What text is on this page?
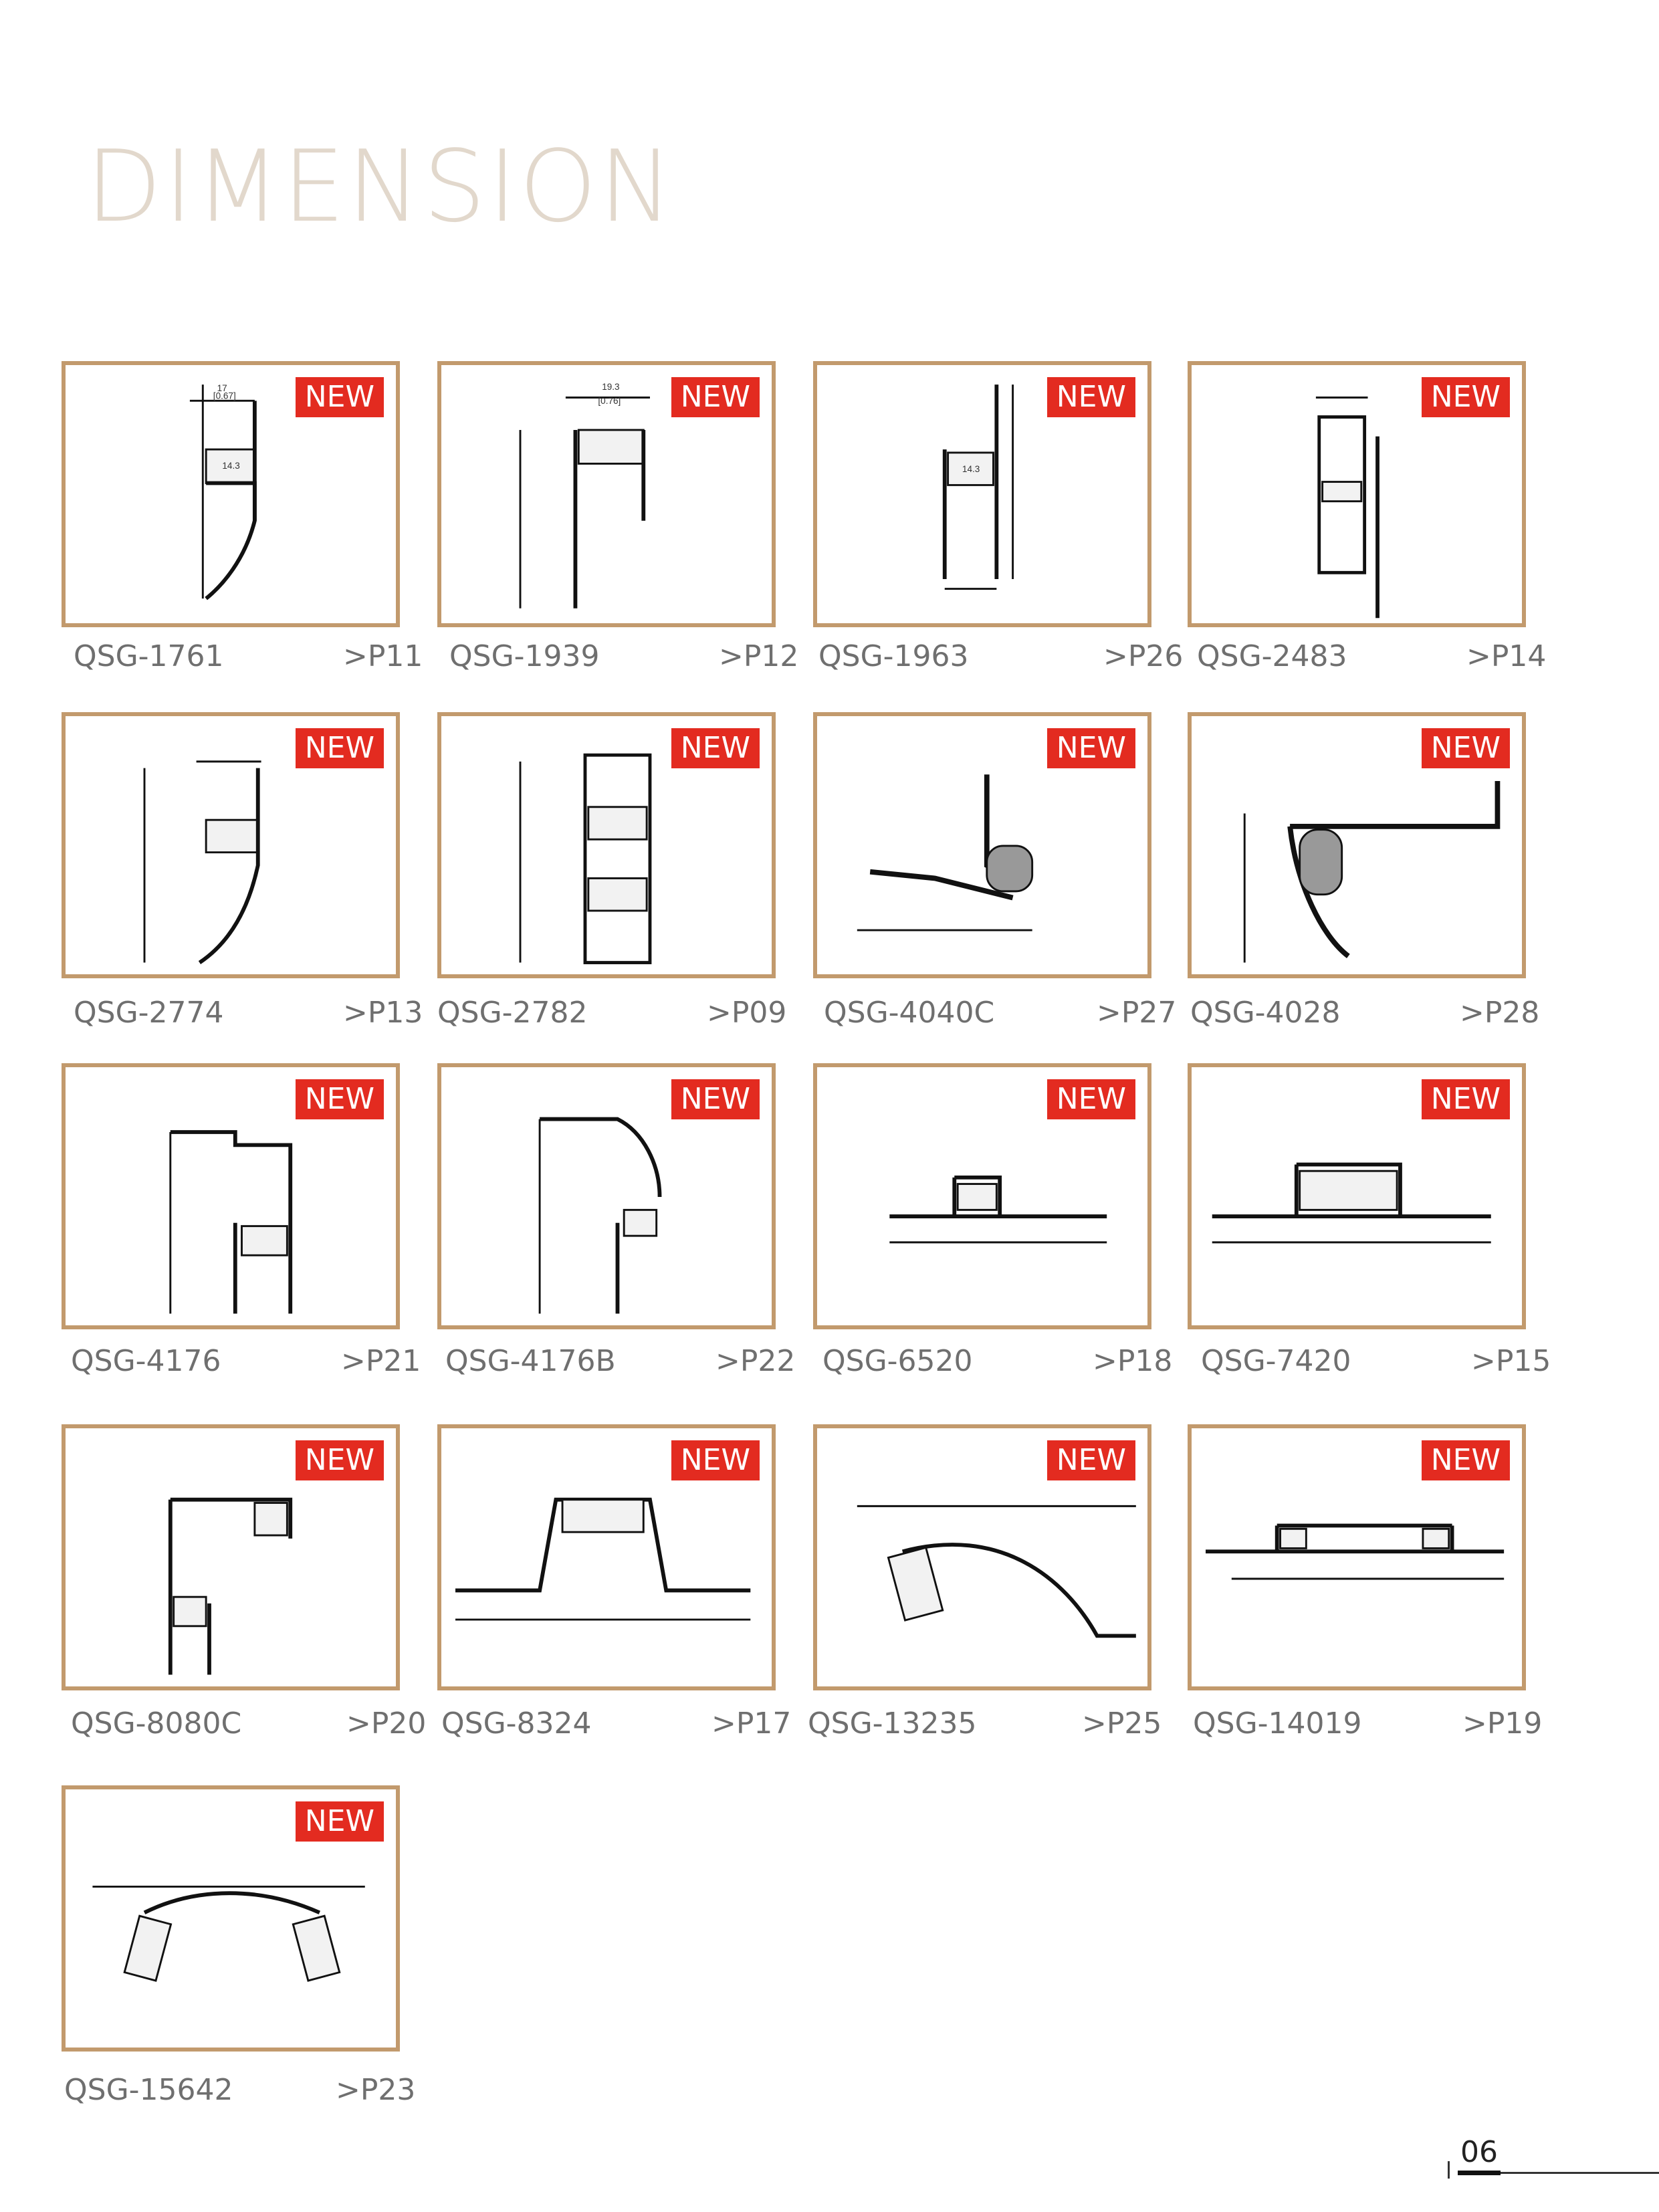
DIMENSION
17
[0.67]
14.3
NEW
QSG-1761	>P11
19.3
[0.76]	NEW
QSG-1939	>P12
14.3
NEW
QSG-1963	>P26
NEW
QSG-2483	>P14
NEW
QSG-2774	>P13
NEW
QSG-2782	>P09
NEW
QSG-4040C	>P27
NEW
QSG-4028	>P28
NEW
QSG-4176	>P21
NEW
QSG-4176B	>P22
NEW
QSG-6520	>P18
NEW
QSG-7420	>P15
NEW
QSG-8080C	>P20
NEW
QSG-8324	>P17
NEW
QSG-13235	>P25
NEW
QSG-14019	>P19
NEW
QSG-15642	>P23
06
